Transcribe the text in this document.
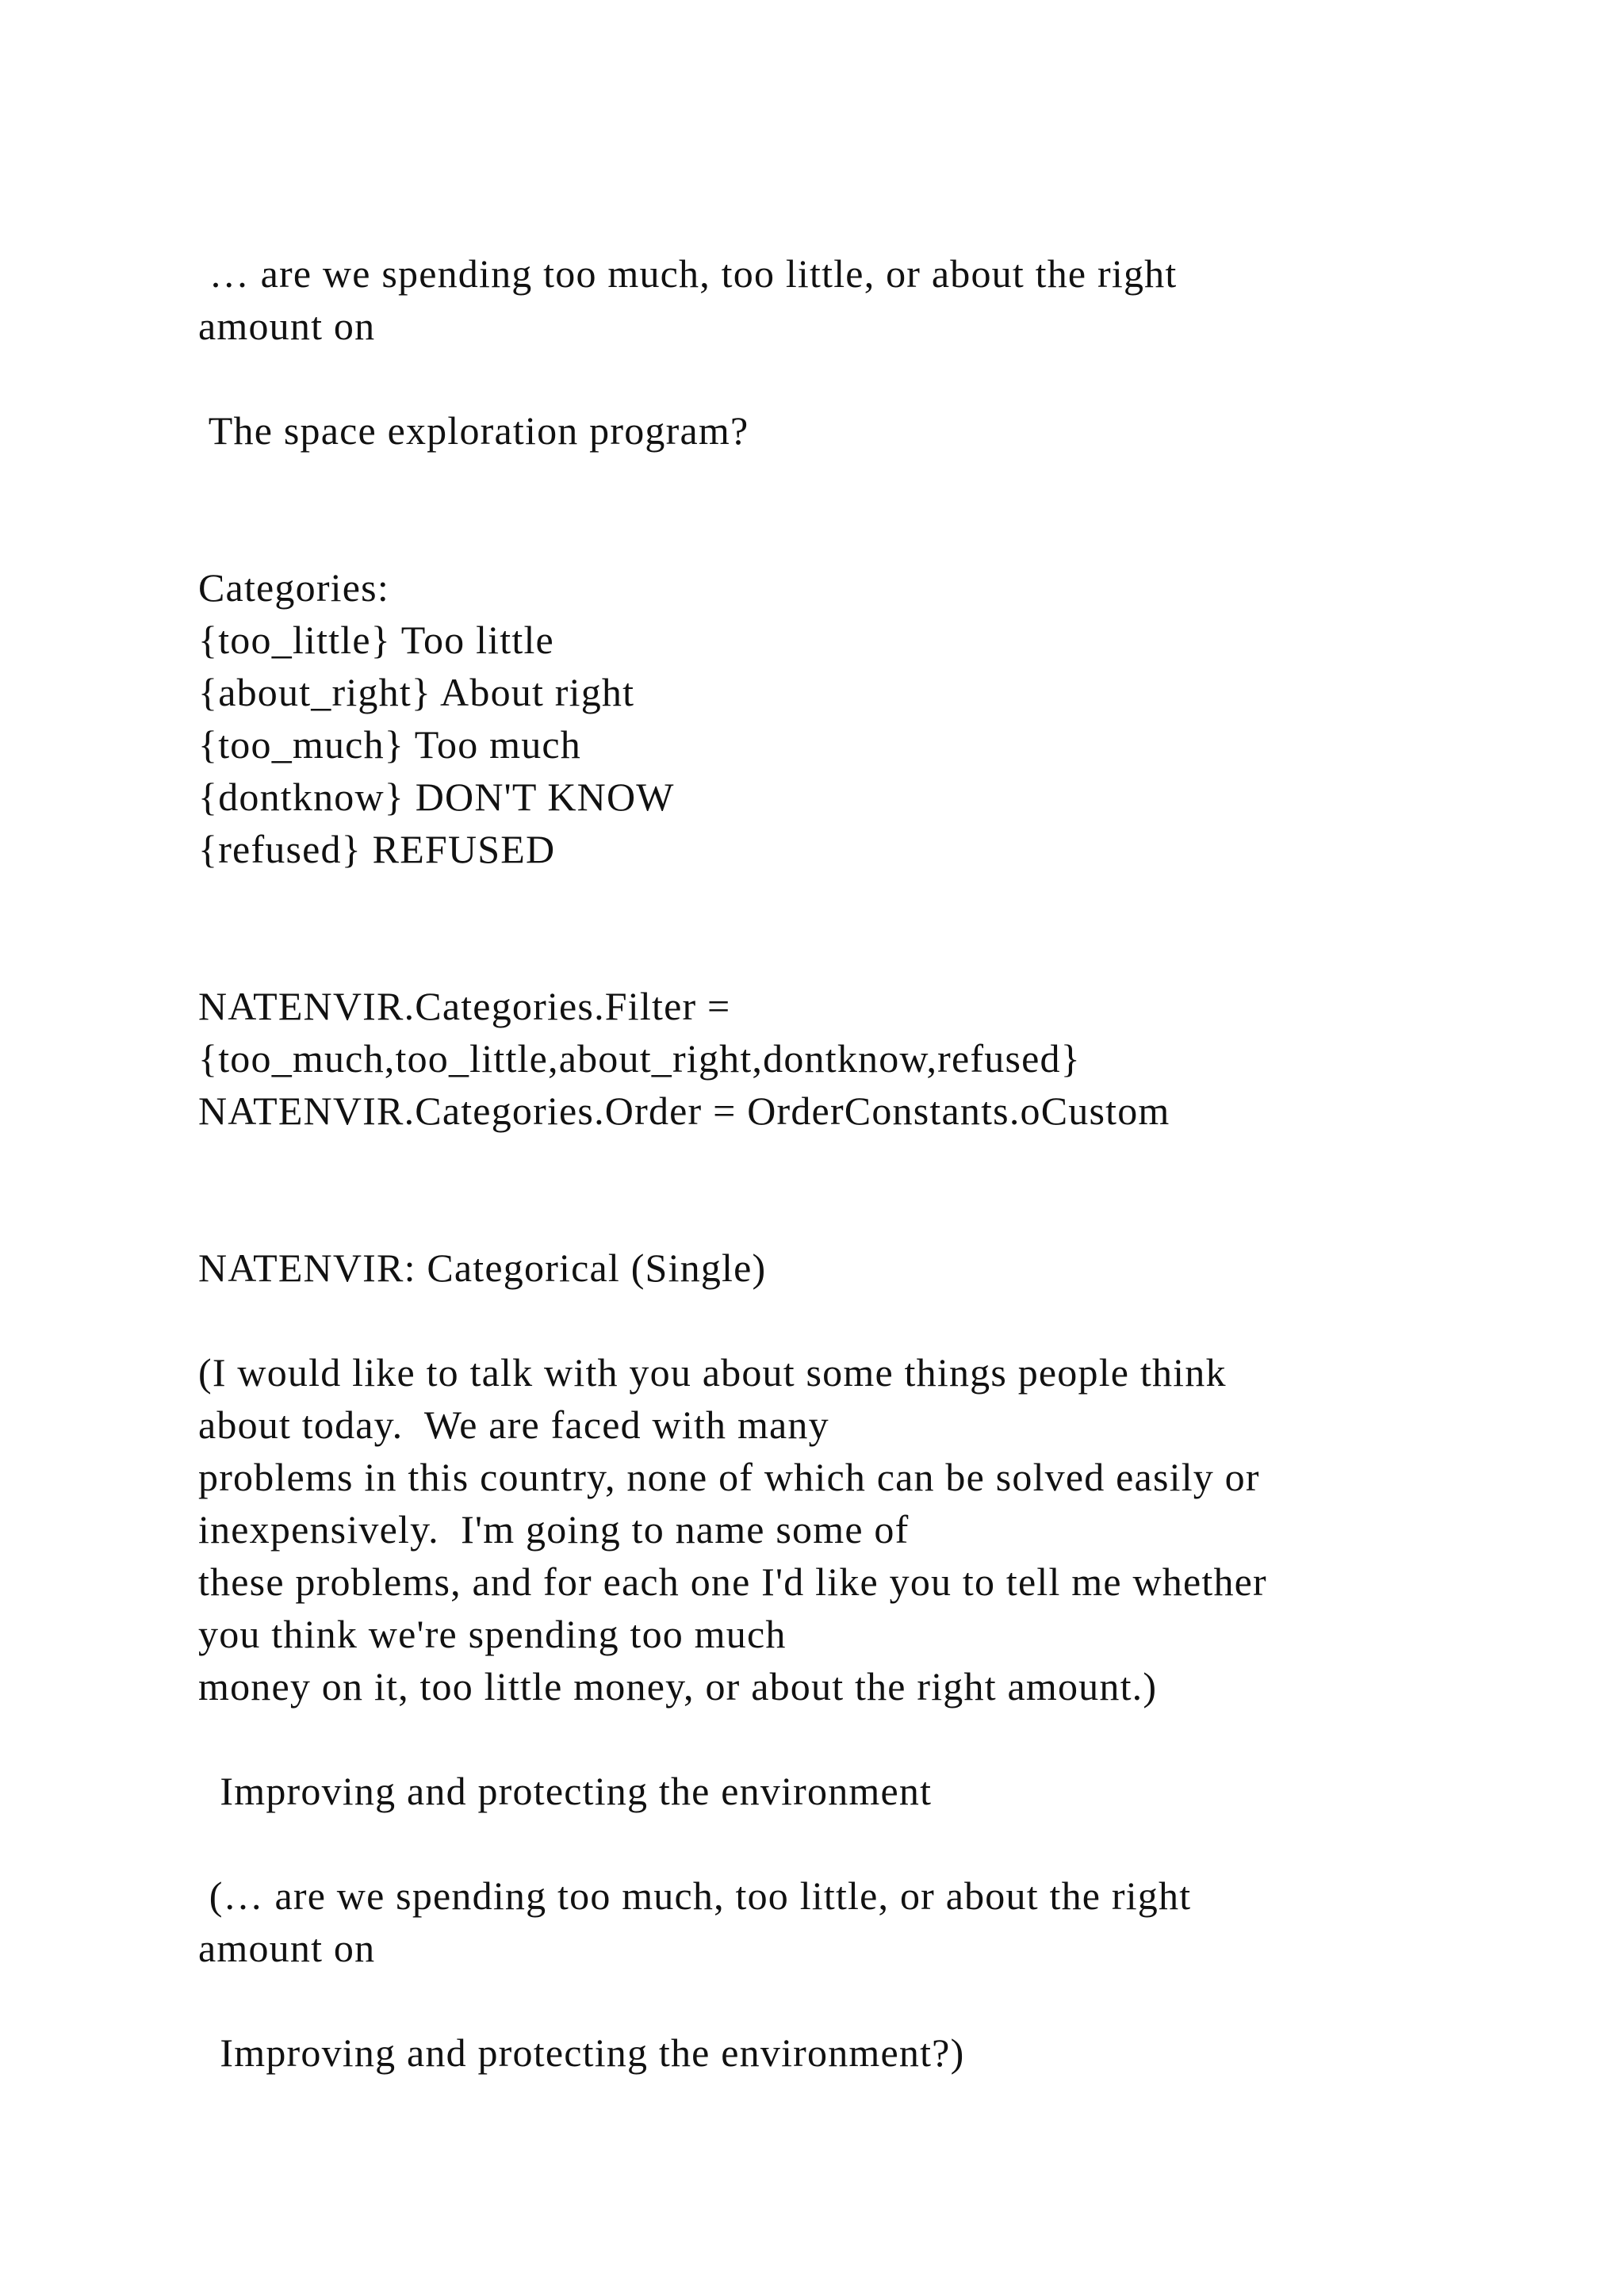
… are we spending too much, too little, or about the right

amount on

The space exploration program?

Categories:

{too_little} Too little

{about_right} About right

{too_much} Too much

{dontknow} DON'T KNOW

{refused} REFUSED

NATENVIR.Categories.Filter =

{too_much,too_little,about_right,dontknow,refused}

NATENVIR.Categories.Order = OrderConstants.oCustom

NATENVIR: Categorical (Single)

(I would like to talk with you about some things people think

about today.  We are faced with many

problems in this country, none of which can be solved easily or

inexpensively.  I'm going to name some of

these problems, and for each one I'd like you to tell me whether

you think we're spending too much

money on it, too little money, or about the right amount.)

Improving and protecting the environment

(… are we spending too much, too little, or about the right

amount on

Improving and protecting the environment?)
